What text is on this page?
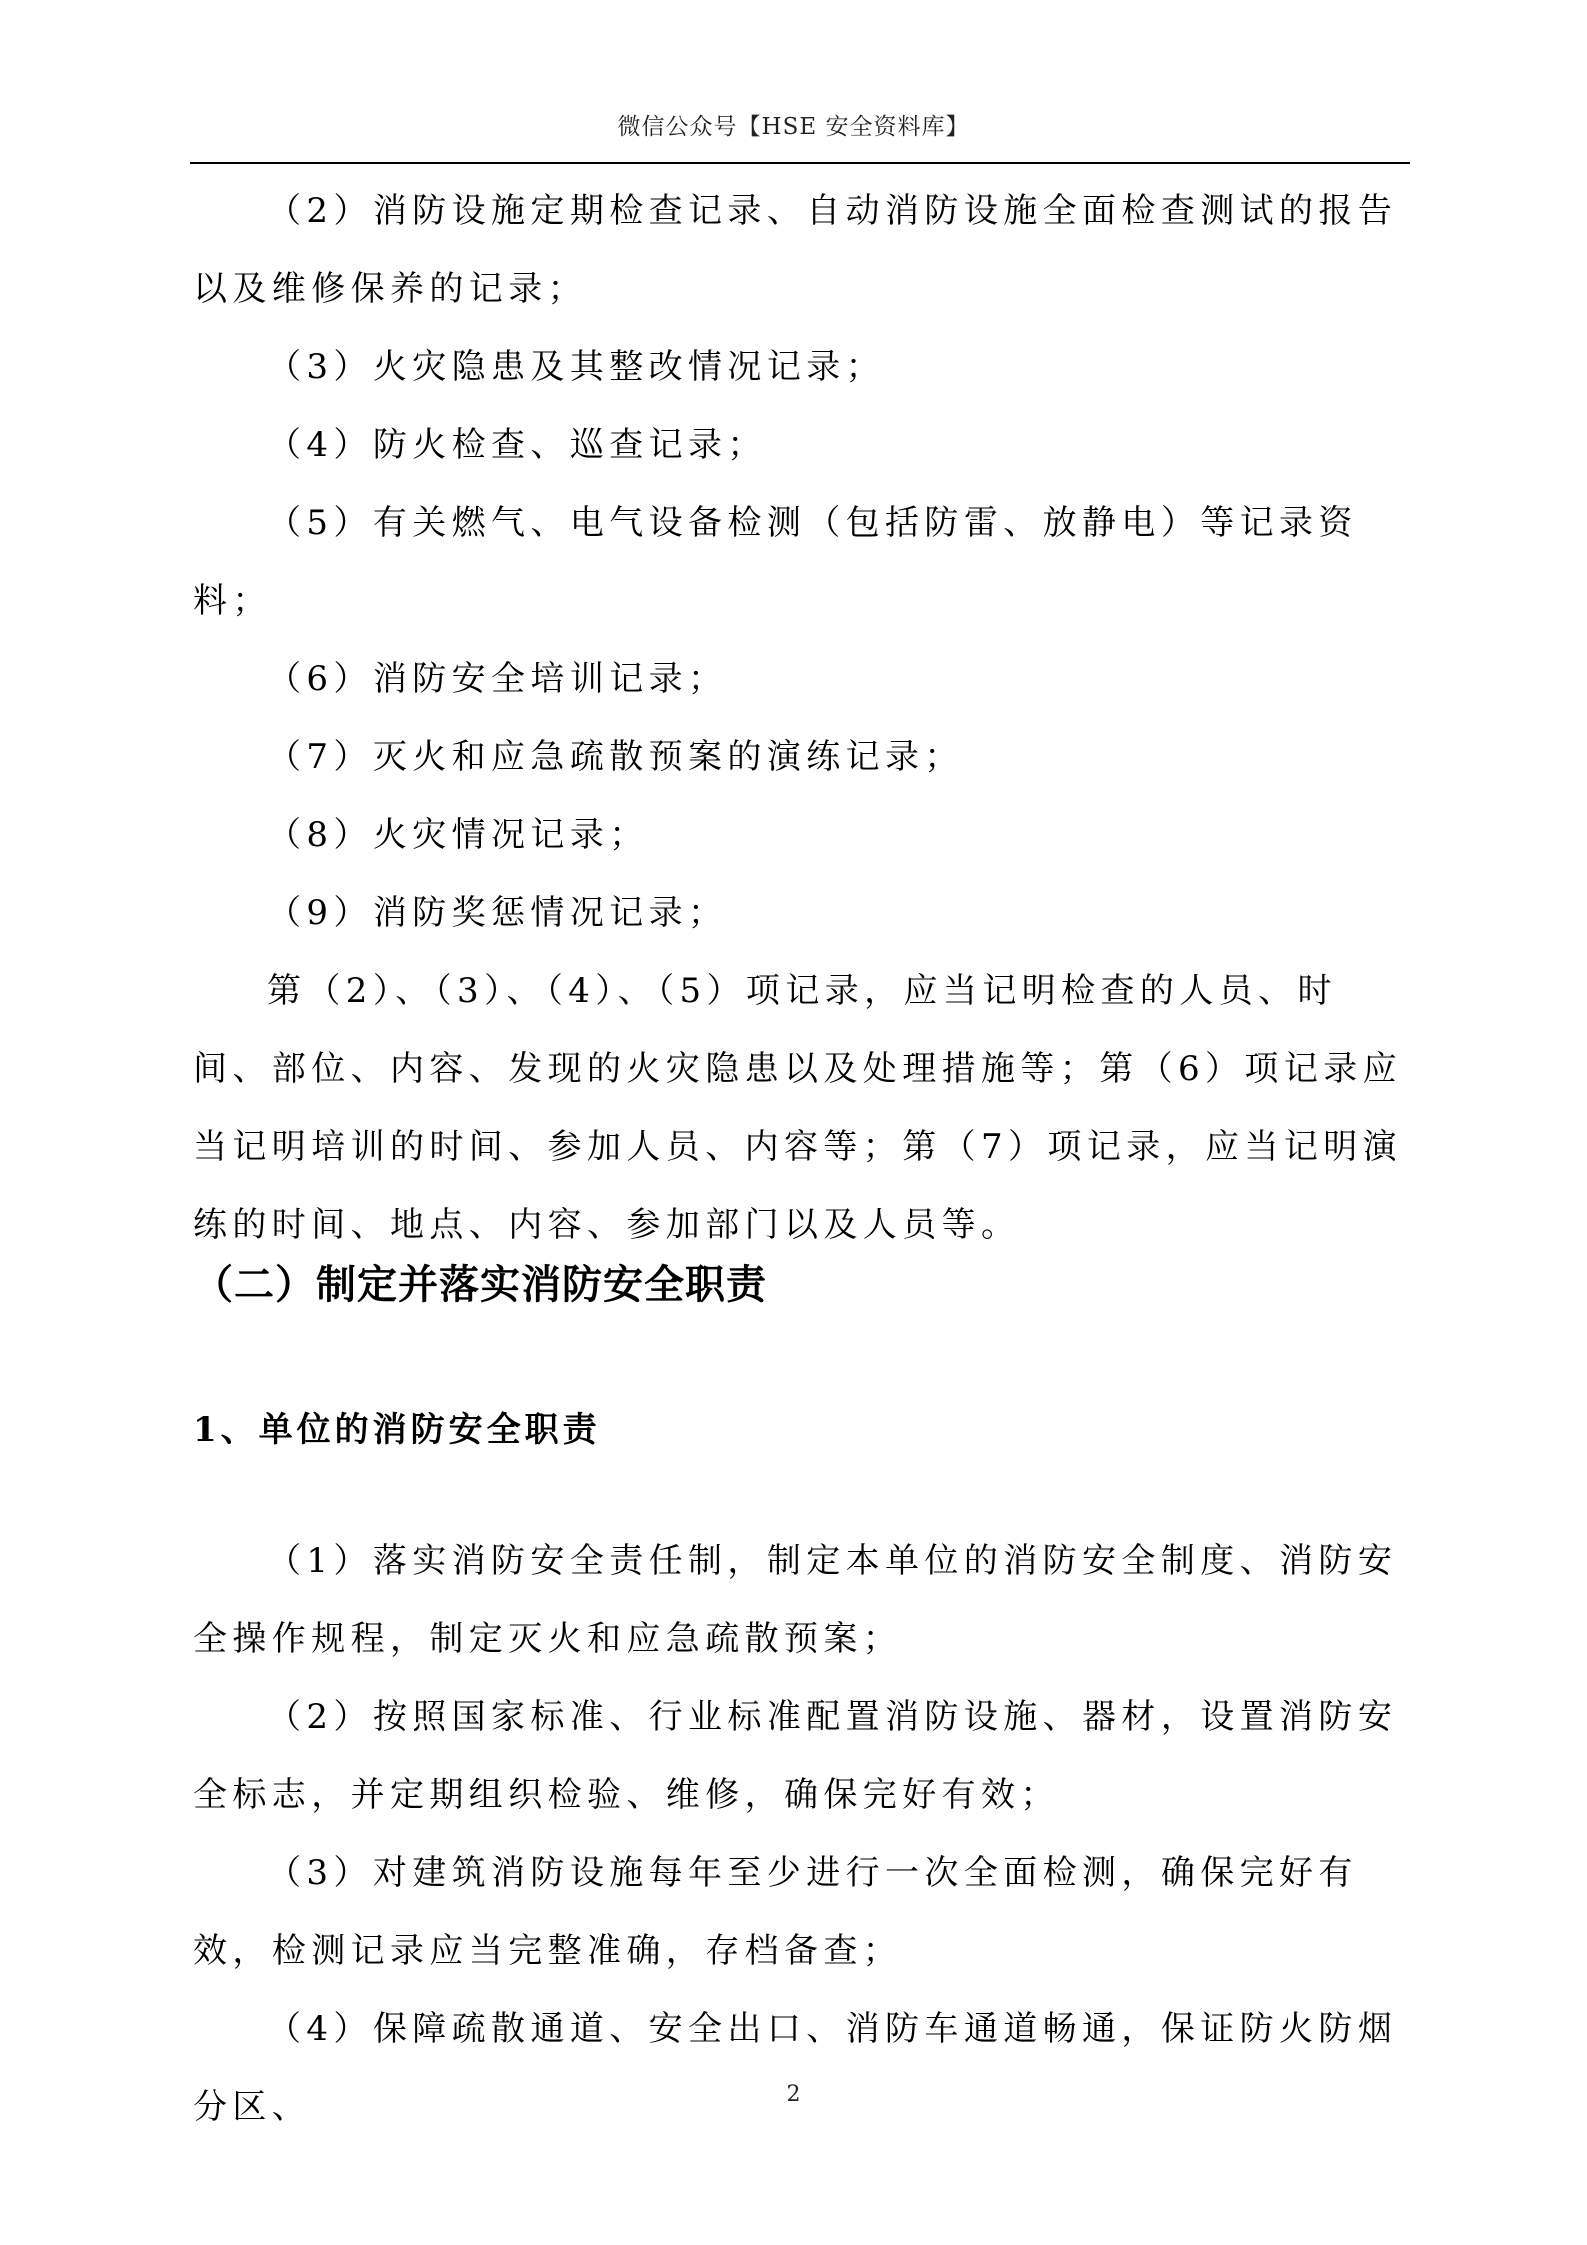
微信公众号【HSE 安全资料库】

（2）消防设施定期检查记录、自动消防设施全面检查测试的报告以及维修保养的记录；

（3）火灾隐患及其整改情况记录；

（4）防火检查、巡查记录；

（5）有关燃气、电气设备检测（包括防雷、放静电）等记录资料；

（6）消防安全培训记录；

（7）灭火和应急疏散预案的演练记录；

（8）火灾情况记录；

（9）消防奖惩情况记录；

第（2）、（3）、（4）、（5）项记录，应当记明检查的人员、时间、部位、内容、发现的火灾隐患以及处理措施等；第（6）项记录应当记明培训的时间、参加人员、内容等；第（7）项记录，应当记明演练的时间、地点、内容、参加部门以及人员等。

（二）制定并落实消防安全职责
1、单位的消防安全职责

（1）落实消防安全责任制，制定本单位的消防安全制度、消防安全操作规程，制定灭火和应急疏散预案；

（2）按照国家标准、行业标准配置消防设施、器材，设置消防安全标志，并定期组织检验、维修，确保完好有效；

（3）对建筑消防设施每年至少进行一次全面检测，确保完好有效，检测记录应当完整准确，存档备查；

（4）保障疏散通道、安全出口、消防车通道畅通，保证防火防烟分区、	2
